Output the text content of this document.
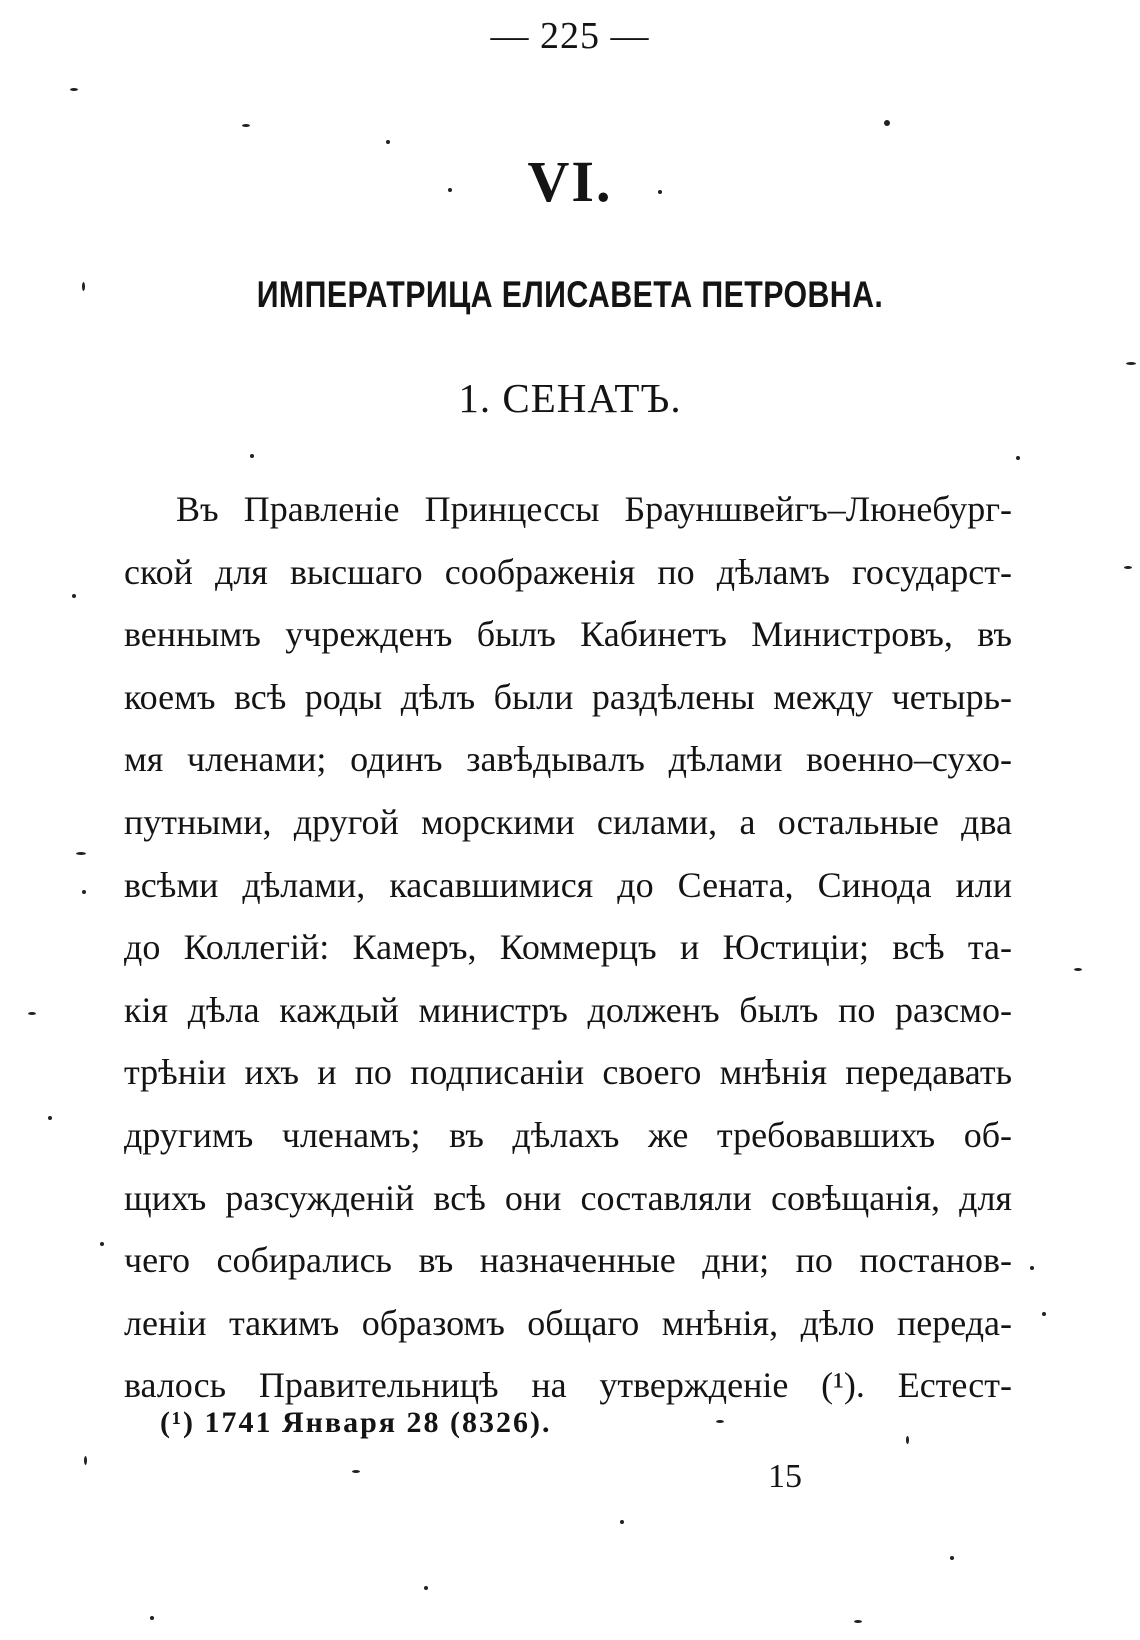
— 225 —
VI.
ИМПЕРАТРИЦА ЕЛИСАВЕТА ПЕТРОВНА.
1. СЕНАТЪ.
Въ Правленіе Принцессы Брауншвейгъ–Люнебург-
ской для высшаго соображенія по дѣламъ государст-
веннымъ учрежденъ былъ Кабинетъ Министровъ, въ
коемъ всѣ роды дѣлъ были раздѣлены между четырь-
мя членами; одинъ завѣдывалъ дѣлами военно–сухо-
путными, другой морскими силами, а остальные два
всѣми дѣлами, касавшимися до Сената, Синода или
до Коллегій: Камеръ, Коммерцъ и Юстиціи; всѣ та-
кія дѣла каждый министръ долженъ былъ по разсмо-
трѣніи ихъ и по подписаніи своего мнѣнія передавать
другимъ членамъ; въ дѣлахъ же требовавшихъ об-
щихъ разсужденій всѣ они составляли совѣщанія, для
чего собирались въ назначенные дни; по постанов-
леніи такимъ образомъ общаго мнѣнія, дѣло переда-
валось Правительницѣ на утвержденіе (¹). Естест-
(¹) 1741 Января 28 (8326).
15
